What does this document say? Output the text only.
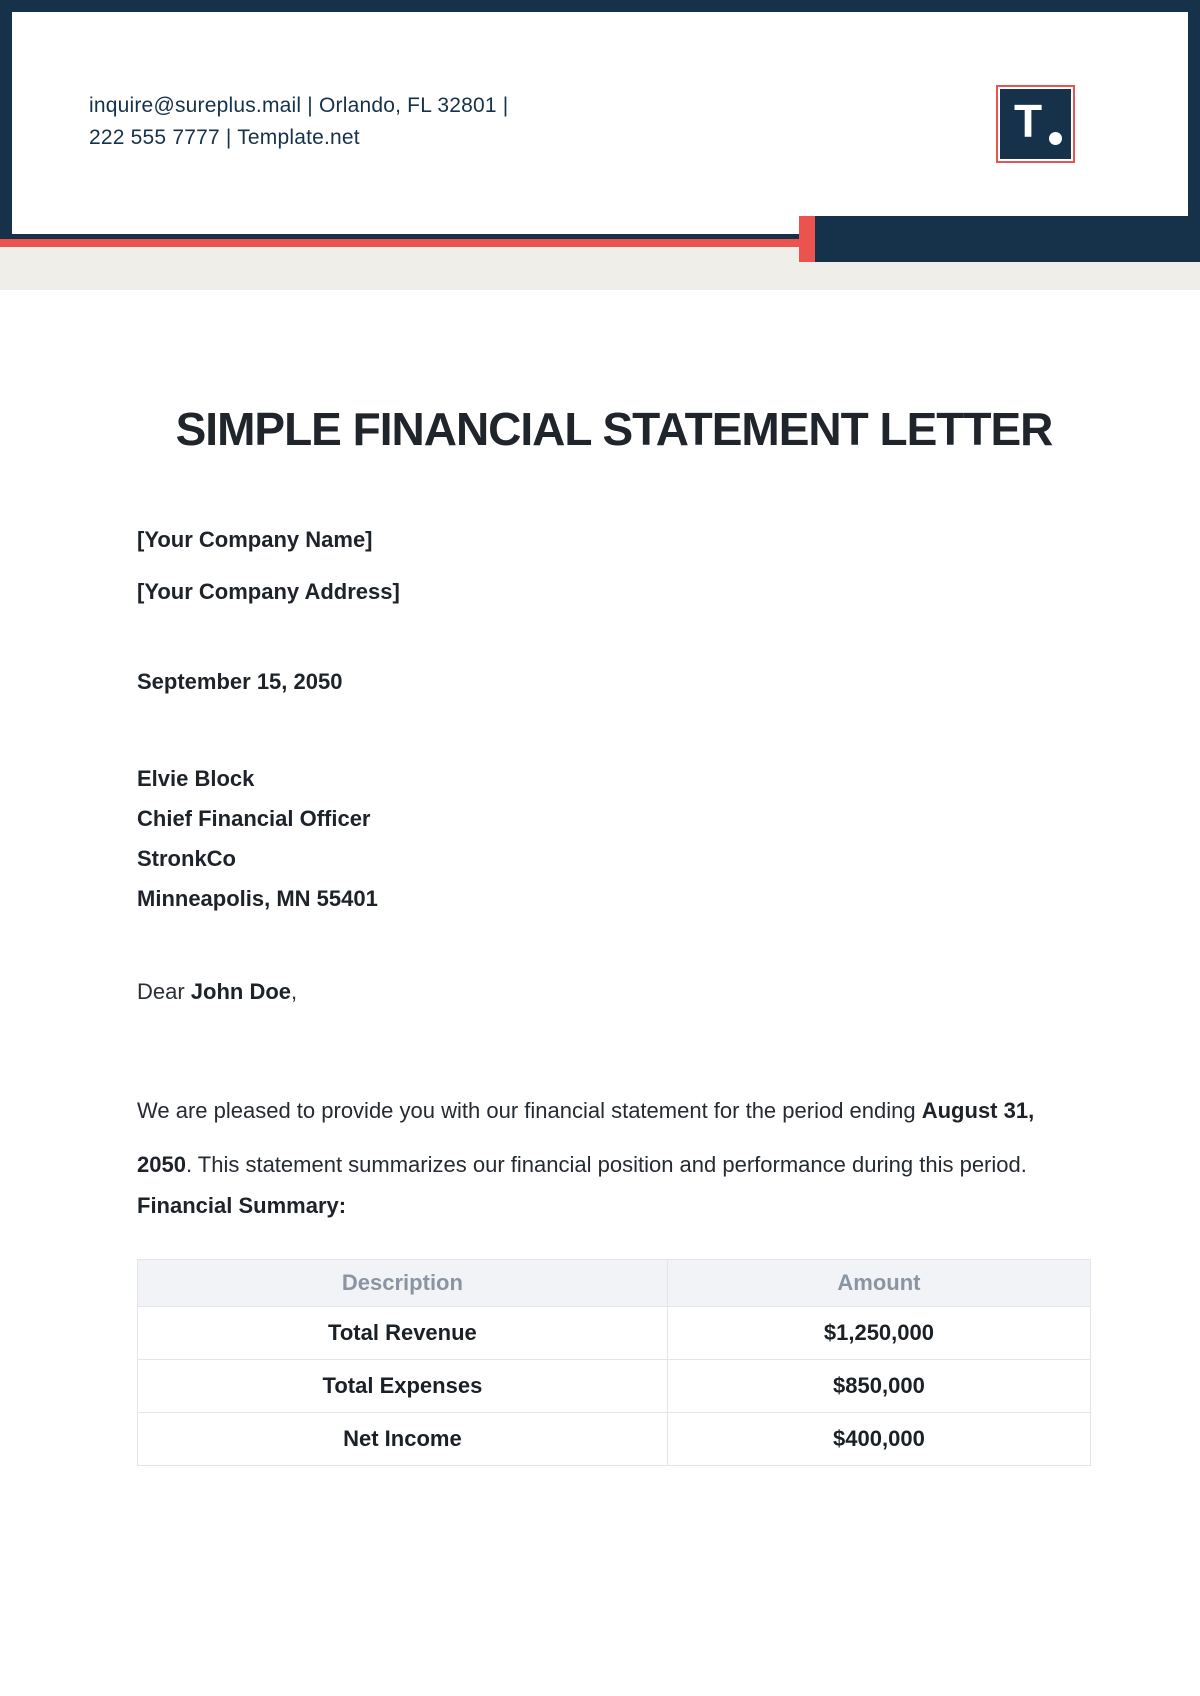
inquire@sureplus.mail | Orlando, FL 32801 |
222 555 7777 | Template.net	T
SIMPLE FINANCIAL STATEMENT LETTER
[Your Company Name]
[Your Company Address]
September 15, 2050
Elvie Block
Chief Financial Officer
StronkCo
Minneapolis, MN 55401
Dear John Doe,
We are pleased to provide you with our financial statement for the period ending August 31, 2050. This statement summarizes our financial position and performance during this period.
Financial Summary:
Description	Amount
Total Revenue	$1,250,000
Total Expenses	$850,000
Net Income	$400,000
